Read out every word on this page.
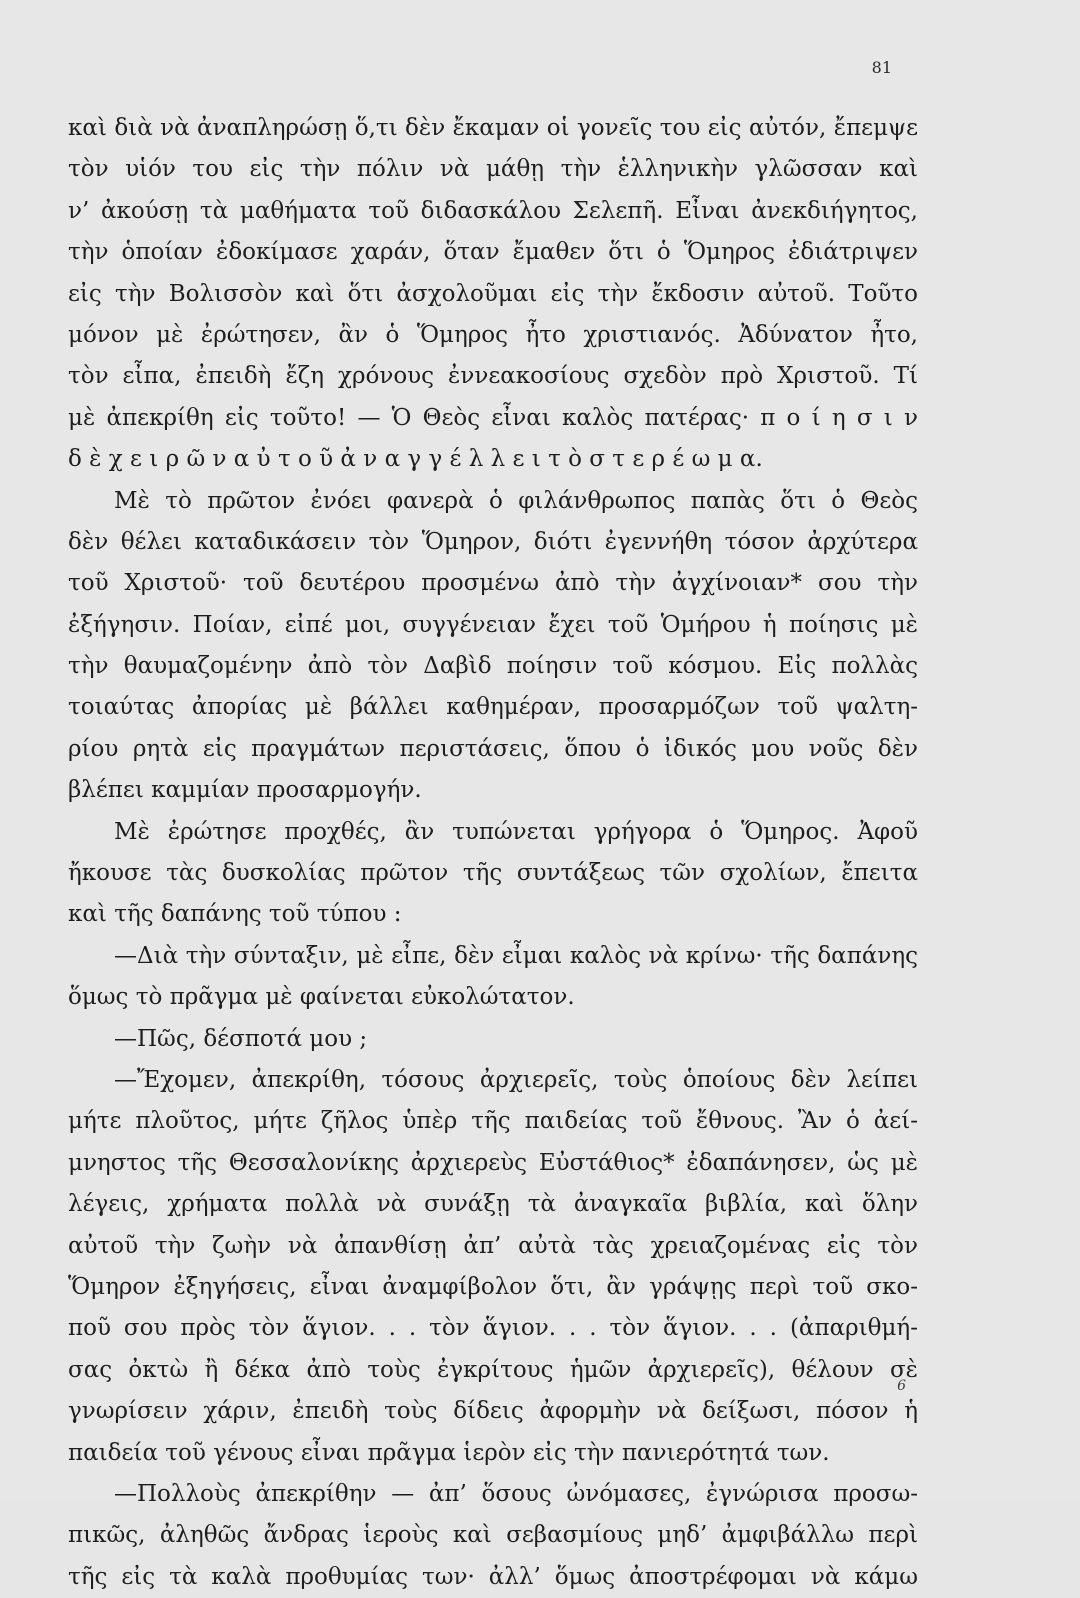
81
καὶ διὰ νὰ ἀναπληρώσῃ ὅ,τι δὲν ἔκαμαν οἱ γονεῖς του εἰς αὐτόν, ἔπεμψε
τὸν υἱόν του εἰς τὴν πόλιν νὰ μάθῃ τὴν ἑλληνικὴν γλῶσσαν καὶ
ν’ ἀκούσῃ τὰ μαθήματα τοῦ διδασκάλου Σελεπῆ. Εἶναι ἀνεκδιήγητος,
τὴν ὁποίαν ἐδοκίμασε χαράν, ὅταν ἔμαθεν ὅτι ὁ Ὅμηρος ἐδιάτριψεν
εἰς τὴν Βολισσὸν καὶ ὅτι ἀσχολοῦμαι εἰς τὴν ἔκδοσιν αὐτοῦ. Τοῦτο
μόνον μὲ ἐρώτησεν, ἂν ὁ Ὅμηρος ἦτο χριστιανός. Ἀδύνατον ἦτο,
τὸν εἶπα, ἐπειδὴ ἔζη χρόνους ἐννεακοσίους σχεδὸν πρὸ Χριστοῦ. Τί
μὲ ἀπεκρίθη εἰς τοῦτο! — Ὁ Θεὸς εἶναι καλὸς πατέρας· π ο ί η σ ι ν
δ ὲ χ ε ι ρ ῶ ν α ὐ τ ο ῦ ἀ ν α γ γ έ λ λ ε ι τ ὸ σ τ ε ρ έ ω μ α.
Μὲ τὸ πρῶτον ἐνόει φανερὰ ὁ φιλάνθρωπος παπὰς ὅτι ὁ Θεὸς
δὲν θέλει καταδικάσειν τὸν Ὅμηρον, διότι ἐγεννήθη τόσον ἀρχύτερα
τοῦ Χριστοῦ· τοῦ δευτέρου προσμένω ἀπὸ τὴν ἀγχίνοιαν* σου τὴν
ἐξήγησιν. Ποίαν, εἰπέ μοι, συγγένειαν ἔχει τοῦ Ὁμήρου ἡ ποίησις μὲ
τὴν θαυμαζομένην ἀπὸ τὸν Δαβὶδ ποίησιν τοῦ κόσμου. Εἰς πολλὰς
τοιαύτας ἀπορίας μὲ βάλλει καθημέραν, προσαρμόζων τοῦ ψαλτη-
ρίου ρητὰ εἰς πραγμάτων περιστάσεις, ὅπου ὁ ἰδικός μου νοῦς δὲν
βλέπει καμμίαν προσαρμογήν.
Μὲ ἐρώτησε προχθές, ἂν τυπώνεται γρήγορα ὁ Ὅμηρος. Ἀφοῦ
ἤκουσε τὰς δυσκολίας πρῶτον τῆς συντάξεως τῶν σχολίων, ἔπειτα
καὶ τῆς δαπάνης τοῦ τύπου :
—Διὰ τὴν σύνταξιν, μὲ εἶπε, δὲν εἶμαι καλὸς νὰ κρίνω· τῆς δαπάνης
ὅμως τὸ πρᾶγμα μὲ φαίνεται εὐκολώτατον.
—Πῶς, δέσποτά μου ;
—Ἔχομεν, ἀπεκρίθη, τόσους ἀρχιερεῖς, τοὺς ὁποίους δὲν λείπει
μήτε πλοῦτος, μήτε ζῆλος ὑπὲρ τῆς παιδείας τοῦ ἔθνους. Ἂν ὁ ἀεί-
μνηστος τῆς Θεσσαλονίκης ἀρχιερεὺς Εὐστάθιος* ἐδαπάνησεν, ὡς μὲ
λέγεις, χρήματα πολλὰ νὰ συνάξῃ τὰ ἀναγκαῖα βιβλία, καὶ ὅλην
αὐτοῦ τὴν ζωὴν νὰ ἀπανθίσῃ ἀπ’ αὐτὰ τὰς χρειαζομένας εἰς τὸν
Ὅμηρον ἐξηγήσεις, εἶναι ἀναμφίβολον ὅτι, ἂν γράψῃς περὶ τοῦ σκο-
ποῦ σου πρὸς τὸν ἅγιον. . . τὸν ἅγιον. . . τὸν ἅγιον. . . (ἀπαριθμή-
σας ὀκτὼ ἢ δέκα ἀπὸ τοὺς ἐγκρίτους ἡμῶν ἀρχιερεῖς), θέλουν σὲ
γνωρίσειν χάριν, ἐπειδὴ τοὺς δίδεις ἀφορμὴν νὰ δείξωσι, πόσον ἡ
παιδεία τοῦ γένους εἶναι πρᾶγμα ἱερὸν εἰς τὴν πανιερότητά των.
—Πολλοὺς ἀπεκρίθην — ἀπ’ ὅσους ὠνόμασες, ἐγνώρισα προσω-
πικῶς, ἀληθῶς ἄνδρας ἱεροὺς καὶ σεβασμίους μηδ’ ἀμφιβάλλω περὶ
τῆς εἰς τὰ καλὰ προθυμίας των· ἀλλ’ ὅμως ἀποστρέφομαι νὰ κάμω
6
